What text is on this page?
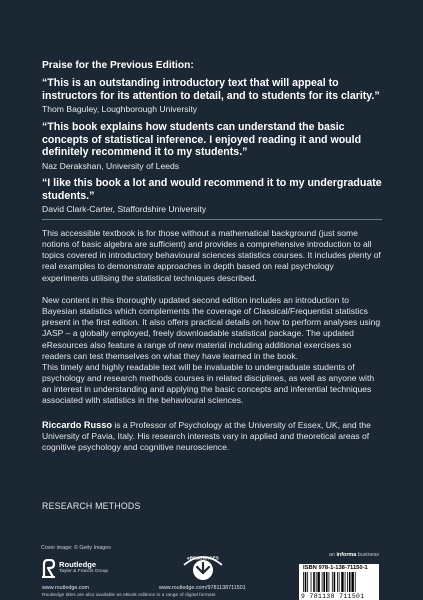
Praise for the Previous Edition:

“This is an outstanding introductory text that will appeal to instructors for its attention to detail, and to students for its clarity.”

Thom Baguley, Loughborough University

“This book explains how students can understand the basic concepts of statistical inference. I enjoyed reading it and would definitely recommend it to my students.”

Naz Derakshan, University of Leeds

“I like this book a lot and would recommend it to my undergraduate students.”

David Clark-Carter, Staffordshire University

This accessible textbook is for those without a mathematical background (just some notions of basic algebra are sufficient) and provides a comprehensive introduction to all topics covered in introductory behavioural sciences statistics courses. It includes plenty of real examples to demonstrate approaches in depth based on real psychology experiments utilising the statistical techniques described.

New content in this thoroughly updated second edition includes an introduction to Bayesian statistics which complements the coverage of Classical/Frequentist statistics present in the first edition. It also offers practical details on how to perform analyses using JASP – a globally employed, freely downloadable statistical package. The updated eResources also feature a range of new material including additional exercises so readers can test themselves on what they have learned in the book.

This timely and highly readable text will be invaluable to undergraduate students of psychology and research methods courses in related disciplines, as well as anyone with an interest in understanding and applying the basic concepts and inferential techniques associated with statistics in the behavioural sciences.

Riccardo Russo is a Professor of Psychology at the University of Essex, UK, and the University of Pavia, Italy. His research interests vary in applied and theoretical areas of cognitive psychology and cognitive neuroscience.

RESEARCH METHODS

Cover image: © Getty Images

an informa business

Routledge
Taylor & Francis Group

www.routledge.com

eRESOURCES

www.routledge.com/9781138711501

ISBN 978-1-138-71150-1
9 781138 711501

Routledge titles are also available as eBook editions in a range of digital formats
